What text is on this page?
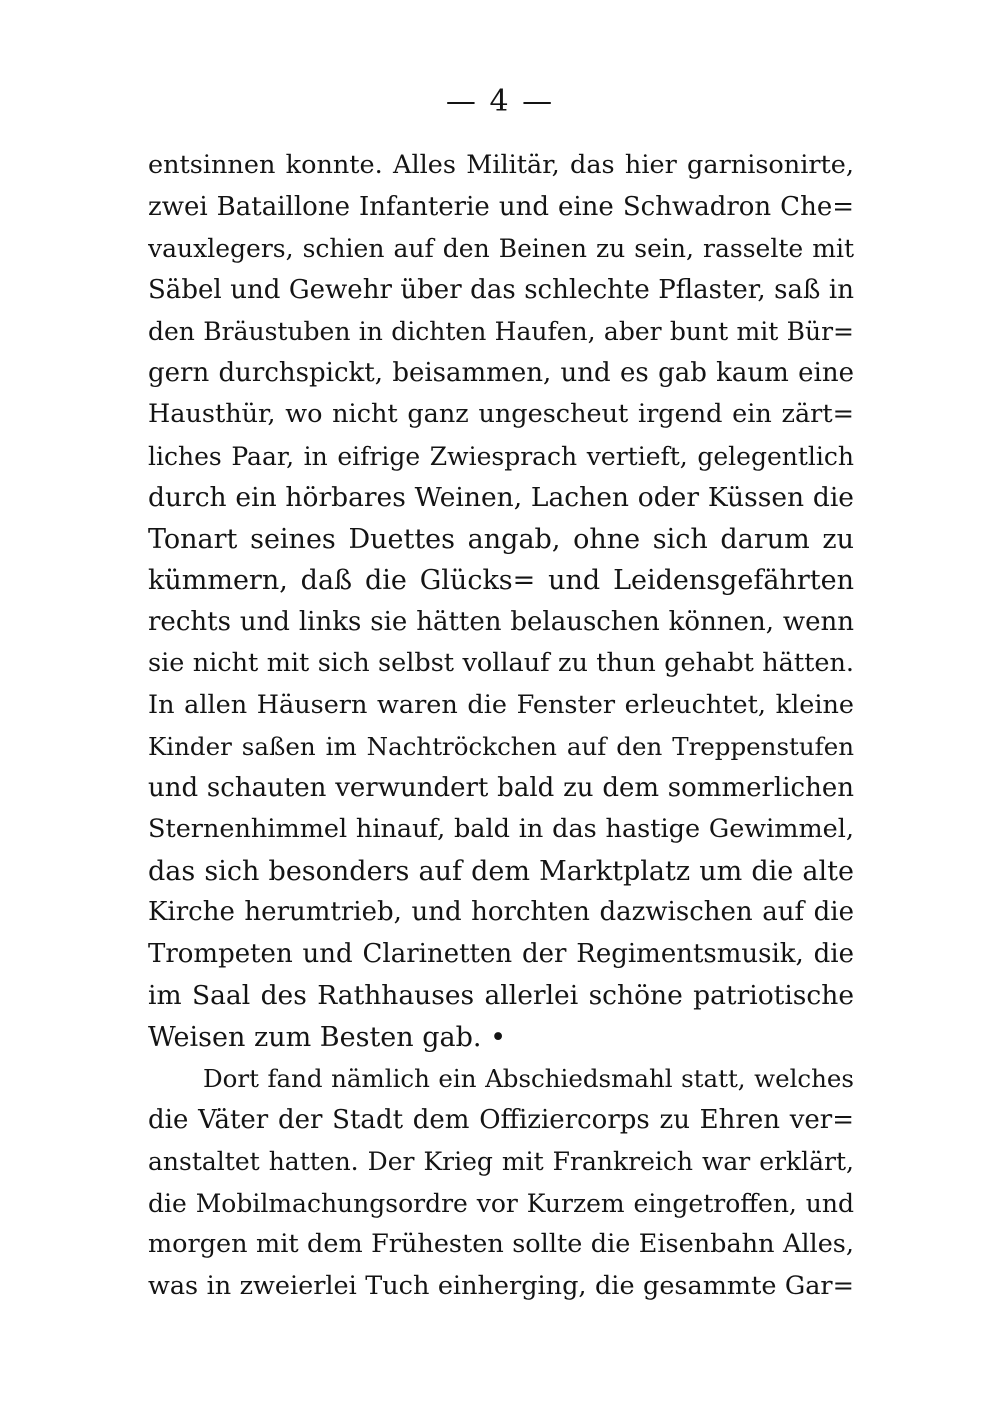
— 4 —
entsinnen konnte. Alles Militär, das hier garnisonirte,
zwei Bataillone Infanterie und eine Schwadron Che=
vauxlegers, schien auf den Beinen zu sein, rasselte mit
Säbel und Gewehr über das schlechte Pflaster, saß in
den Bräustuben in dichten Haufen, aber bunt mit Bür=
gern durchspickt, beisammen, und es gab kaum eine
Hausthür, wo nicht ganz ungescheut irgend ein zärt=
liches Paar, in eifrige Zwiesprach vertieft, gelegentlich
durch ein hörbares Weinen, Lachen oder Küssen die
Tonart seines Duettes angab, ohne sich darum zu
kümmern, daß die Glücks= und Leidensgefährten
rechts und links sie hätten belauschen können, wenn
sie nicht mit sich selbst vollauf zu thun gehabt hätten.
In allen Häusern waren die Fenster erleuchtet, kleine
Kinder saßen im Nachtröckchen auf den Treppenstufen
und schauten verwundert bald zu dem sommerlichen
Sternenhimmel hinauf, bald in das hastige Gewimmel,
das sich besonders auf dem Marktplatz um die alte
Kirche herumtrieb, und horchten dazwischen auf die
Trompeten und Clarinetten der Regimentsmusik, die
im Saal des Rathhauses allerlei schöne patriotische
Weisen zum Besten gab. •
Dort fand nämlich ein Abschiedsmahl statt, welches
die Väter der Stadt dem Offiziercorps zu Ehren ver=
anstaltet hatten. Der Krieg mit Frankreich war erklärt,
die Mobilmachungsordre vor Kurzem eingetroffen, und
morgen mit dem Frühesten sollte die Eisenbahn Alles,
was in zweierlei Tuch einherging, die gesammte Gar=
